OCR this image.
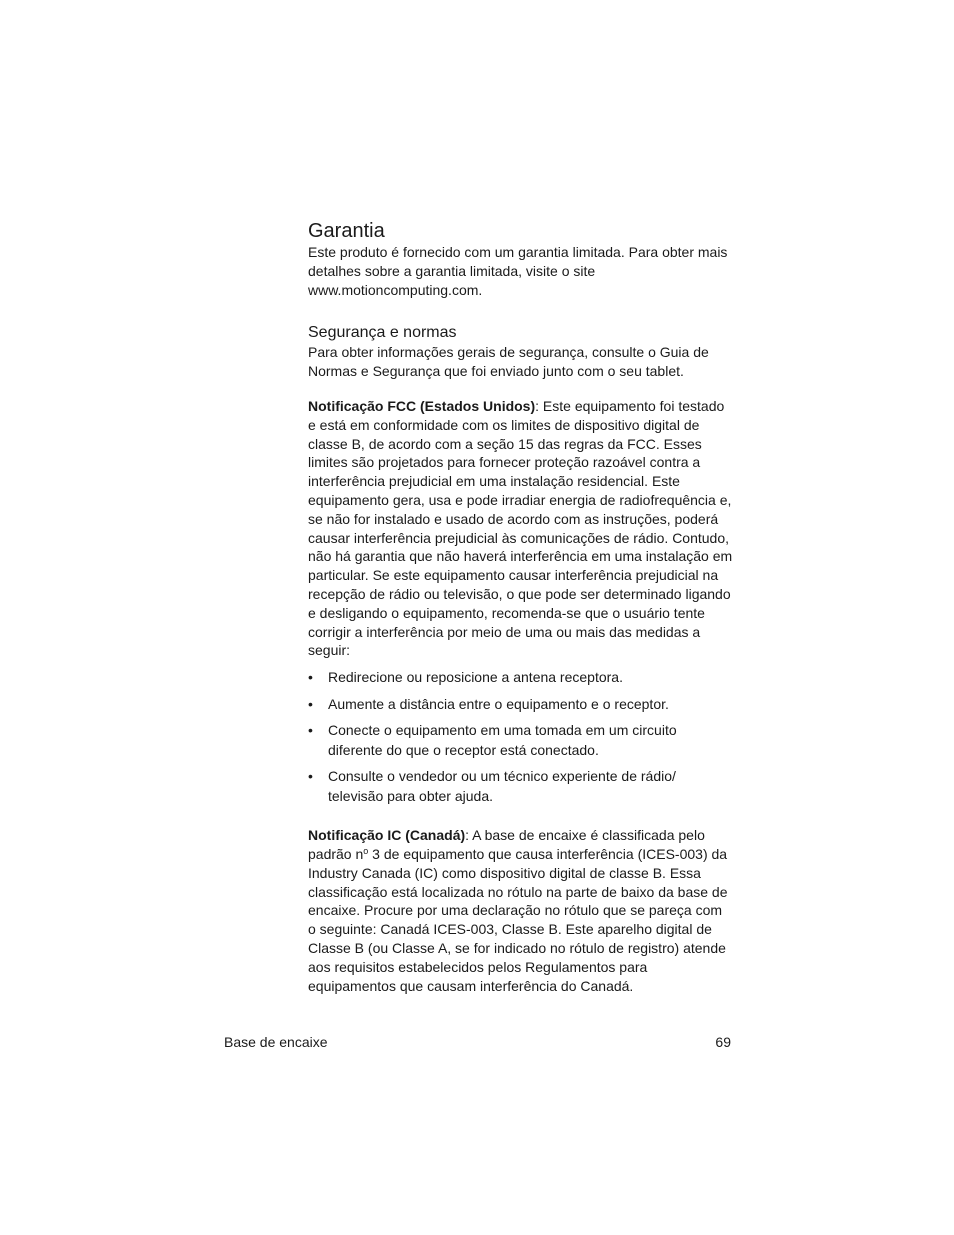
Garantia

Este produto é fornecido com um garantia limitada. Para obter mais detalhes sobre a garantia limitada, visite o site www.motioncomputing.com.

Segurança e normas

Para obter informações gerais de segurança, consulte o Guia de Normas e Segurança que foi enviado junto com o seu tablet.

Notificação FCC (Estados Unidos): Este equipamento foi testado e está em conformidade com os limites de dispositivo digital de classe B, de acordo com a seção 15 das regras da FCC. Esses limites são projetados para fornecer proteção razoável contra a interferência prejudicial em uma instalação residencial. Este equipamento gera, usa e pode irradiar energia de radiofrequência e, se não for instalado e usado de acordo com as instruções, poderá causar interferência prejudicial às comunicações de rádio. Contudo, não há garantia que não haverá interferência em uma instalação em particular. Se este equipamento causar interferência prejudicial na recepção de rádio ou televisão, o que pode ser determinado ligando e desligando o equipamento, recomenda-se que o usuário tente corrigir a interferência por meio de uma ou mais das medidas a seguir:

• Redirecione ou reposicione a antena receptora.
• Aumente a distância entre o equipamento e o receptor.
• Conecte o equipamento em uma tomada em um circuito diferente do que o receptor está conectado.
• Consulte o vendedor ou um técnico experiente de rádio/ televisão para obter ajuda.

Notificação IC (Canadá): A base de encaixe é classificada pelo padrão $n^o$ 3 de equipamento que causa interferência (ICES-003) da Industry Canada (IC) como dispositivo digital de classe B. Essa classificação está localizada no rótulo na parte de baixo da base de encaixe. Procure por uma declaração no rótulo que se pareça com o seguinte: Canadá ICES-003, Classe B. Este aparelho digital de Classe B (ou Classe A, se for indicado no rótulo de registro) atende aos requisitos estabelecidos pelos Regulamentos para equipamentos que causam interferência do Canadá.

Base de encaixe	69
